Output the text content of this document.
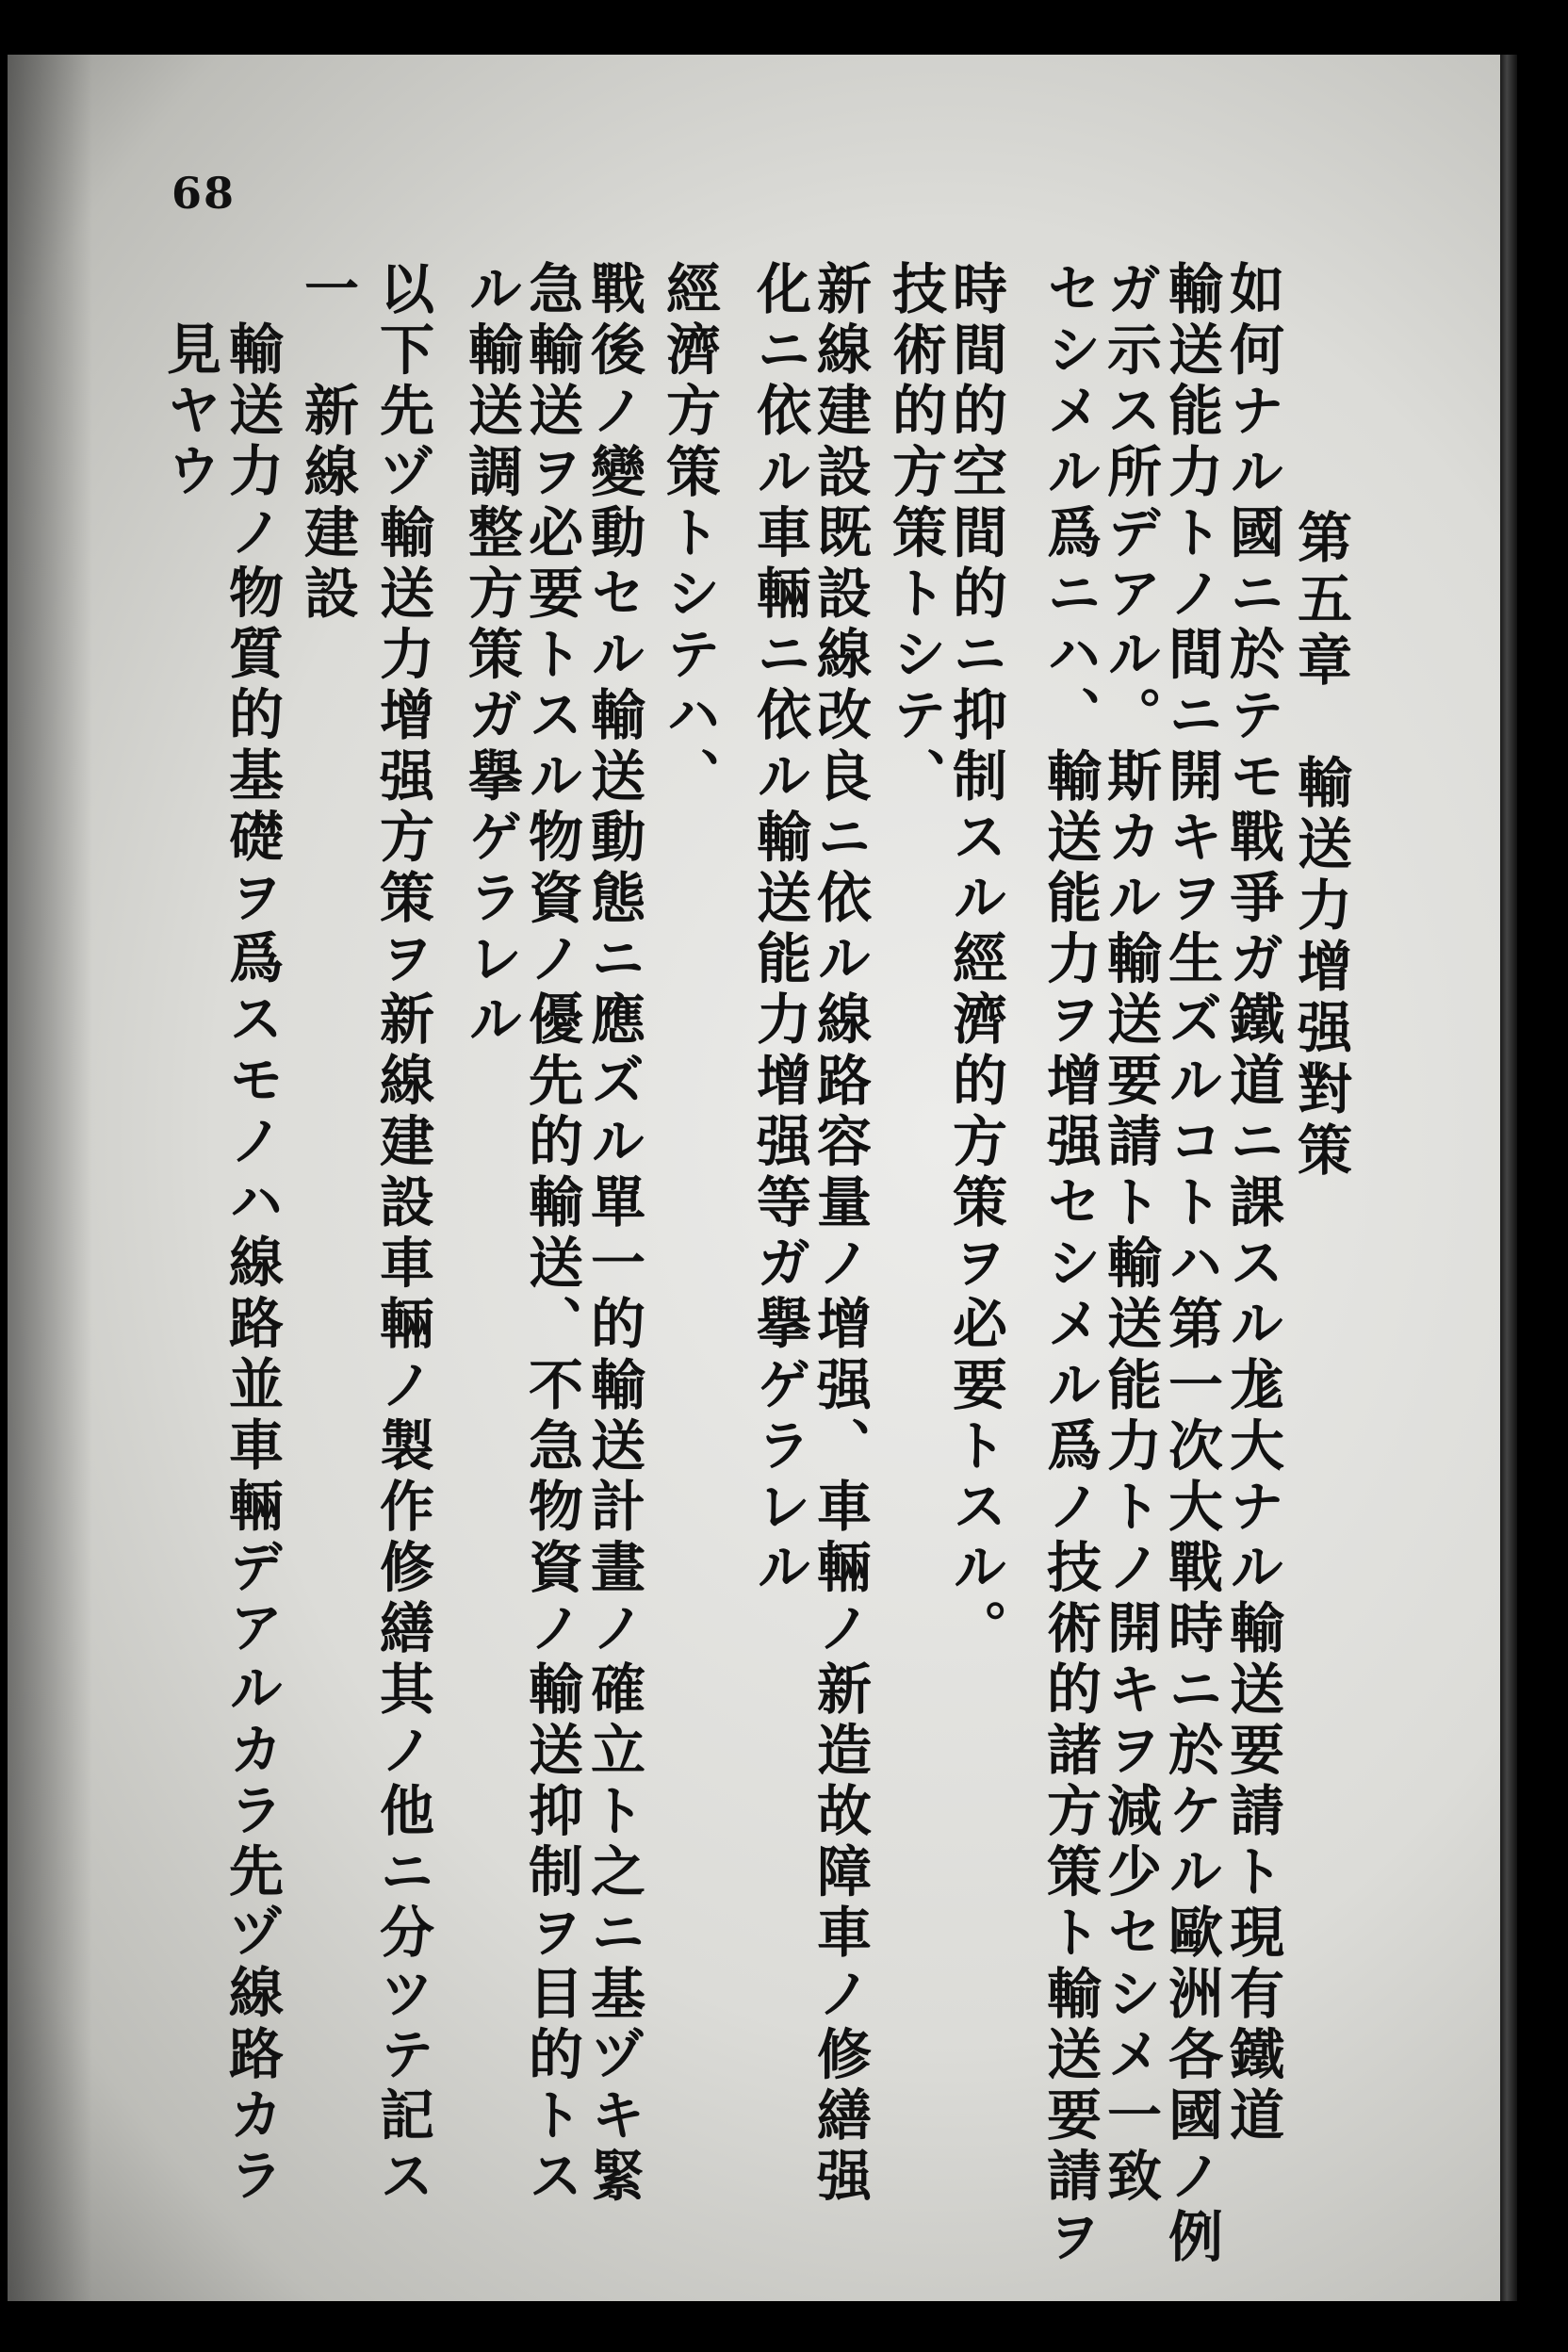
68
第五章　輸送力增强對策
如何ナル國ニ於テモ戰爭ガ鐵道ニ課スル尨大ナル輸送要請ト現有鐵道
輸送能力トノ間ニ開キヲ生ズルコトハ第一次大戰時ニ於ケル歐洲各國ノ例
ガ示ス所デアル。斯カル輸送要請ト輸送能力トノ開キヲ減少セシメ一致
セシメル爲ニハ、輸送能力ヲ增强セシメル爲ノ技術的諸方策ト輸送要請ヲ
時間的空間的ニ抑制スル經濟的方策ヲ必要トスル。
技術的方策トシテ、
新線建設既設線改良ニ依ル線路容量ノ增强、車輛ノ新造故障車ノ修繕强
化ニ依ル車輛ニ依ル輸送能力增强等ガ擧ゲラレル
經濟方策トシテハ、
戰後ノ變動セル輸送動態ニ應ズル單一的輸送計畫ノ確立ト之ニ基ヅキ緊
急輸送ヲ必要トスル物資ノ優先的輸送、不急物資ノ輸送抑制ヲ目的トス
ル輸送調整方策ガ擧ゲラレル
以下先ヅ輸送力增强方策ヲ新線建設車輛ノ製作修繕其ノ他ニ分ツテ記ス
一　新線建設
輸送力ノ物質的基礎ヲ爲スモノハ線路並車輛デアルカラ先ヅ線路カラ
見ヤウ
